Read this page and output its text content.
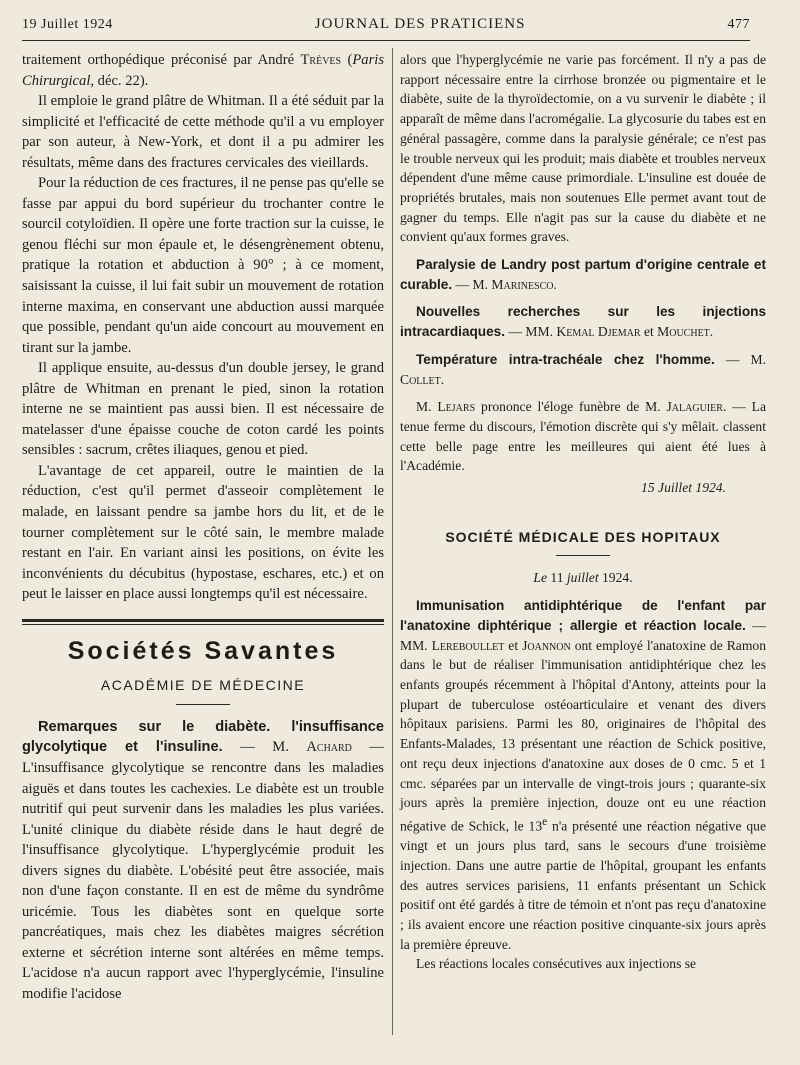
19 Juillet 1924	JOURNAL DES PRATICIENS	477

traitement orthopédique préconisé par André Trèves (Paris Chirurgical, déc. 22).

Il emploie le grand plâtre de Whitman. Il a été séduit par la simplicité et l'efficacité de cette méthode qu'il a vu employer par son auteur, à New-York, et dont il a pu admirer les résultats, même dans des fractures cervicales des vieillards.

Pour la réduction de ces fractures, il ne pense pas qu'elle se fasse par appui du bord supérieur du trochanter contre le sourcil cotyloïdien. Il opère une forte traction sur la cuisse, le genou fléchi sur mon épaule et, le désengrènement obtenu, pratique la rotation et abduction à 90° ; à ce moment, saisissant la cuisse, il lui fait subir un mouvement de rotation interne maxima, en conservant une abduction aussi marquée que possible, pendant qu'un aide concourt au mouvement en tirant sur la jambe.

Il applique ensuite, au-dessus d'un double jersey, le grand plâtre de Whitman en prenant le pied, sinon la rotation interne ne se maintient pas aussi bien. Il est nécessaire de matelasser d'une épaisse couche de coton cardé les points sensibles : sacrum, crêtes iliaques, genou et pied.

L'avantage de cet appareil, outre le maintien de la réduction, c'est qu'il permet d'asseoir complètement le malade, en laissant pendre sa jambe hors du lit, et de le tourner complètement sur le côté sain, le membre malade restant en l'air. En variant ainsi les positions, on évite les inconvénients du décubitus (hypostase, eschares, etc.) et on peut le laisser en place aussi longtemps qu'il est nécessaire.

Sociétés Savantes
ACADÉMIE DE MÉDECINE

Remarques sur le diabète. l'insuffisance glycolytique et l'insuline. — M. Achard — L'insuffisance glycolytique se rencontre dans les maladies aiguës et dans toutes les cachexies. Le diabète est un trouble nutritif qui peut survenir dans les maladies les plus variées. L'unité clinique du diabète réside dans le haut degré de l'insuffisance glycolytique. L'hyperglycémie produit les divers signes du diabète. L'obésité peut être associée, mais non d'une façon constante. Il en est de même du syndrôme uricémie. Tous les diabètes sont en quelque sorte pancréatiques, mais chez les diabètes maigres sécrétion externe et sécrétion interne sont altérées en même temps. L'acidose n'a aucun rapport avec l'hyperglycémie, l'insuline modifie l'acidose

alors que l'hyperglycémie ne varie pas forcément. Il n'y a pas de rapport nécessaire entre la cirrhose bronzée ou pigmentaire et le diabète, suite de la thyroïdectomie, on a vu survenir le diabète ; il apparaît de même dans l'acromégalie. La glycosurie du tabes est en général passagère, comme dans la paralysie générale; ce n'est pas le trouble nerveux qui les produit; mais diabète et troubles nerveux dépendent d'une même cause primordiale. L'insuline est douée de propriétés brutales, mais non soutenues Elle permet avant tout de gagner du temps. Elle n'agit pas sur la cause du diabète et ne convient qu'aux formes graves.

Paralysie de Landry post partum d'origine centrale et curable. — M. Marinesco.

Nouvelles recherches sur les injections intracardiaques. — MM. Kemal Djemar et Mouchet.

Température intra-trachéale chez l'homme. — M. Collet.

M. Lejars prononce l'éloge funèbre de M. Jalaguier. — La tenue ferme du discours, l'émotion discrète qui s'y mêlait. classent cette belle page entre les meilleures qui aient été lues à l'Académie.

15 Juillet 1924.

SOCIÉTÉ MÉDICALE DES HOPITAUX

Le 11 juillet 1924.

Immunisation antidiphtérique de l'enfant par l'anatoxine diphtérique ; allergie et réaction locale. — MM. Lereboullet et Joannon ont employé l'anatoxine de Ramon dans le but de réaliser l'immunisation antidiphtérique chez les enfants groupés récemment à l'hôpital d'Antony, atteints pour la plupart de tuberculose ostéoarticulaire et venant des divers hôpitaux parisiens. Parmi les 80, originaires de l'hôpital des Enfants-Malades, 13 présentant une réaction de Schick positive, ont reçu deux injections d'anatoxine aux doses de 0 cmc. 5 et 1 cmc. séparées par un intervalle de vingt-trois jours ; quarante-six jours après la première injection, douze ont eu une réaction négative de Schick, le 13e n'a présenté une réaction négative que vingt et un jours plus tard, sans le secours d'une troisième injection. Dans une autre partie de l'hôpital, groupant les enfants des autres services parisiens, 11 enfants présentant un Schick positif ont été gardés à titre de témoin et n'ont pas reçu d'anatoxine ; ils avaient encore une réaction positive cinquante-six jours après la première épreuve.

Les réactions locales consécutives aux injections se
